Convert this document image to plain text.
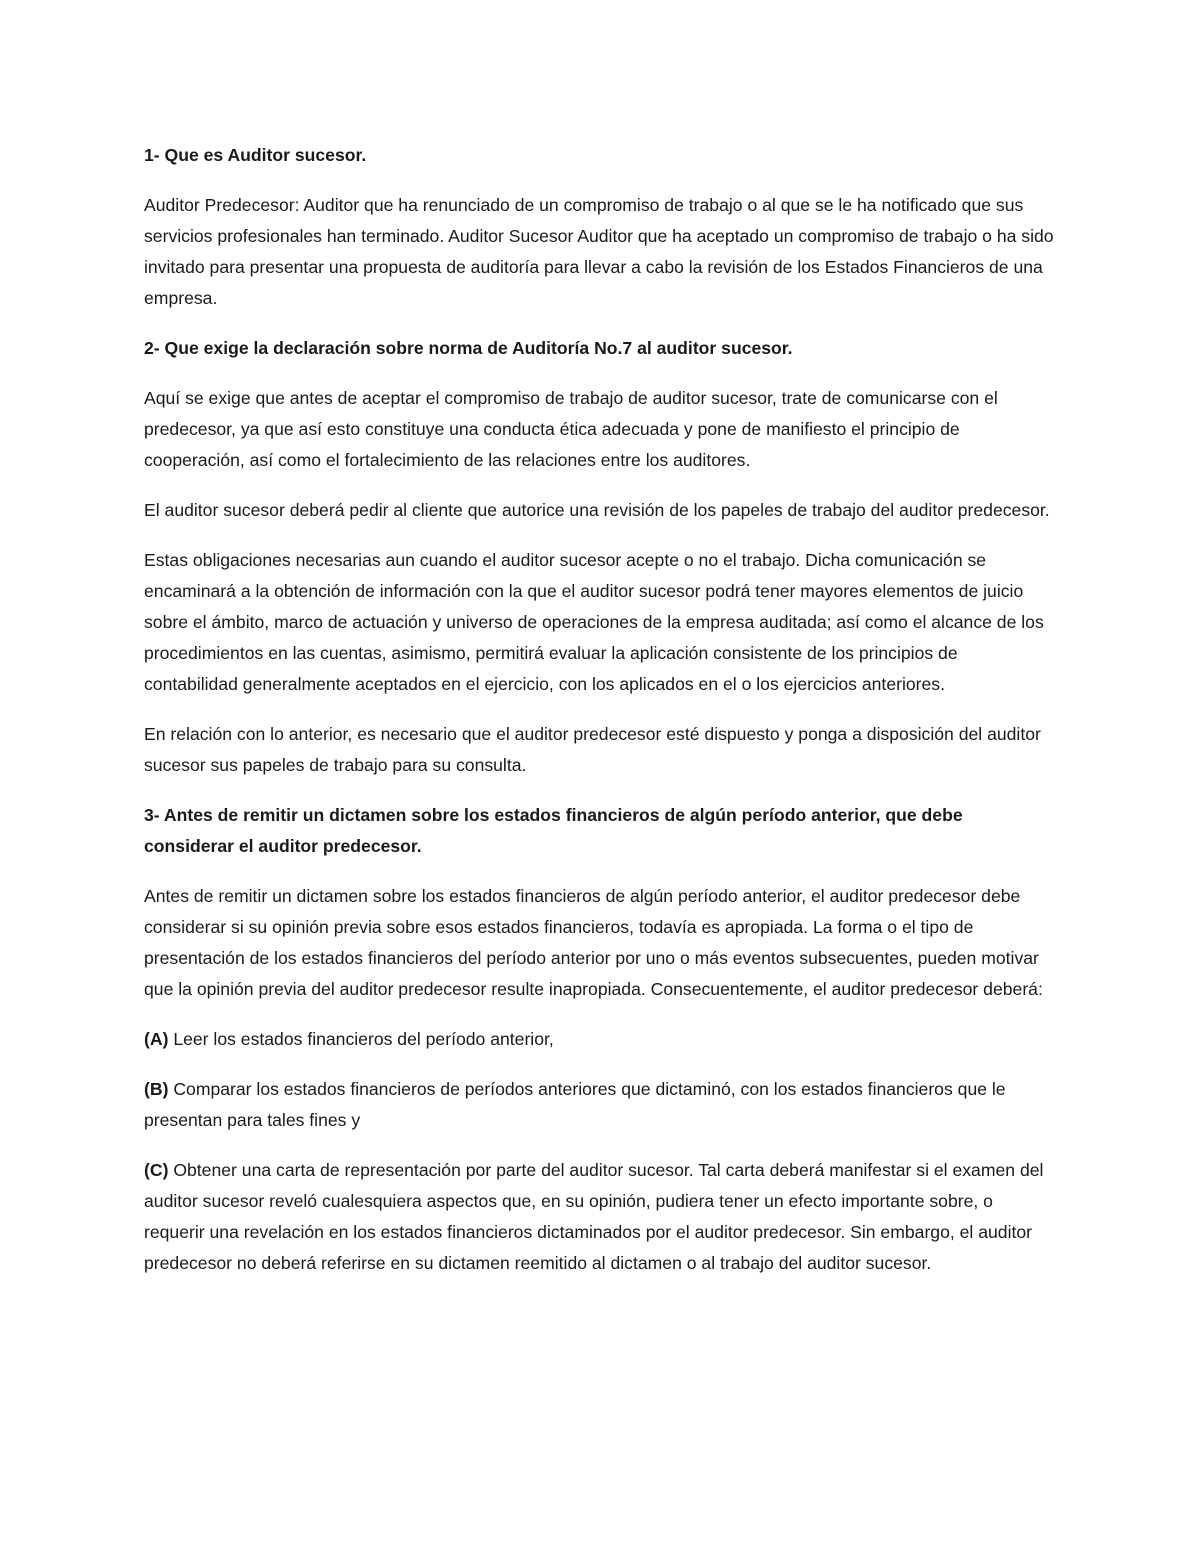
1- Que es Auditor sucesor.

Auditor Predecesor: Auditor que ha renunciado de un compromiso de trabajo o al que se le ha notificado que sus servicios profesionales han terminado. Auditor Sucesor Auditor que ha aceptado un compromiso de trabajo o ha sido invitado para presentar una propuesta de auditoría para llevar a cabo la revisión de los Estados Financieros de una empresa.

2- Que exige la declaración sobre norma de Auditoría No.7 al auditor sucesor.

Aquí se exige que antes de aceptar el compromiso de trabajo de auditor sucesor, trate de comunicarse con el predecesor, ya que así esto constituye una conducta ética adecuada y pone de manifiesto el principio de cooperación, así como el fortalecimiento de las relaciones entre los auditores.

El auditor sucesor deberá pedir al cliente que autorice una revisión de los papeles de trabajo del auditor predecesor.

Estas obligaciones necesarias aun cuando el auditor sucesor acepte o no el trabajo. Dicha comunicación se encaminará a la obtención de información con la que el auditor sucesor podrá tener mayores elementos de juicio sobre el ámbito, marco de actuación y universo de operaciones de la empresa auditada; así como el alcance de los procedimientos en las cuentas, asimismo, permitirá evaluar la aplicación consistente de los principios de contabilidad generalmente aceptados en el ejercicio, con los aplicados en el o los ejercicios anteriores.

En relación con lo anterior, es necesario que el auditor predecesor esté dispuesto y ponga a disposición del auditor sucesor sus papeles de trabajo para su consulta.

3- Antes de remitir un dictamen sobre los estados financieros de algún período anterior, que debe considerar el auditor predecesor.

Antes de remitir un dictamen sobre los estados financieros de algún período anterior, el auditor predecesor debe considerar si su opinión previa sobre esos estados financieros, todavía es apropiada. La forma o el tipo de presentación de los estados financieros del período anterior por uno o más eventos subsecuentes, pueden motivar que la opinión previa del auditor predecesor resulte inapropiada. Consecuentemente, el auditor predecesor deberá:

(A) Leer los estados financieros del período anterior,

(B) Comparar los estados financieros de períodos anteriores que dictaminó, con los estados financieros que le presentan para tales fines y

(C) Obtener una carta de representación por parte del auditor sucesor. Tal carta deberá manifestar si el examen del auditor sucesor reveló cualesquiera aspectos que, en su opinión, pudiera tener un efecto importante sobre, o requerir una revelación en los estados financieros dictaminados por el auditor predecesor. Sin embargo, el auditor predecesor no deberá referirse en su dictamen reemitido al dictamen o al trabajo del auditor sucesor.
